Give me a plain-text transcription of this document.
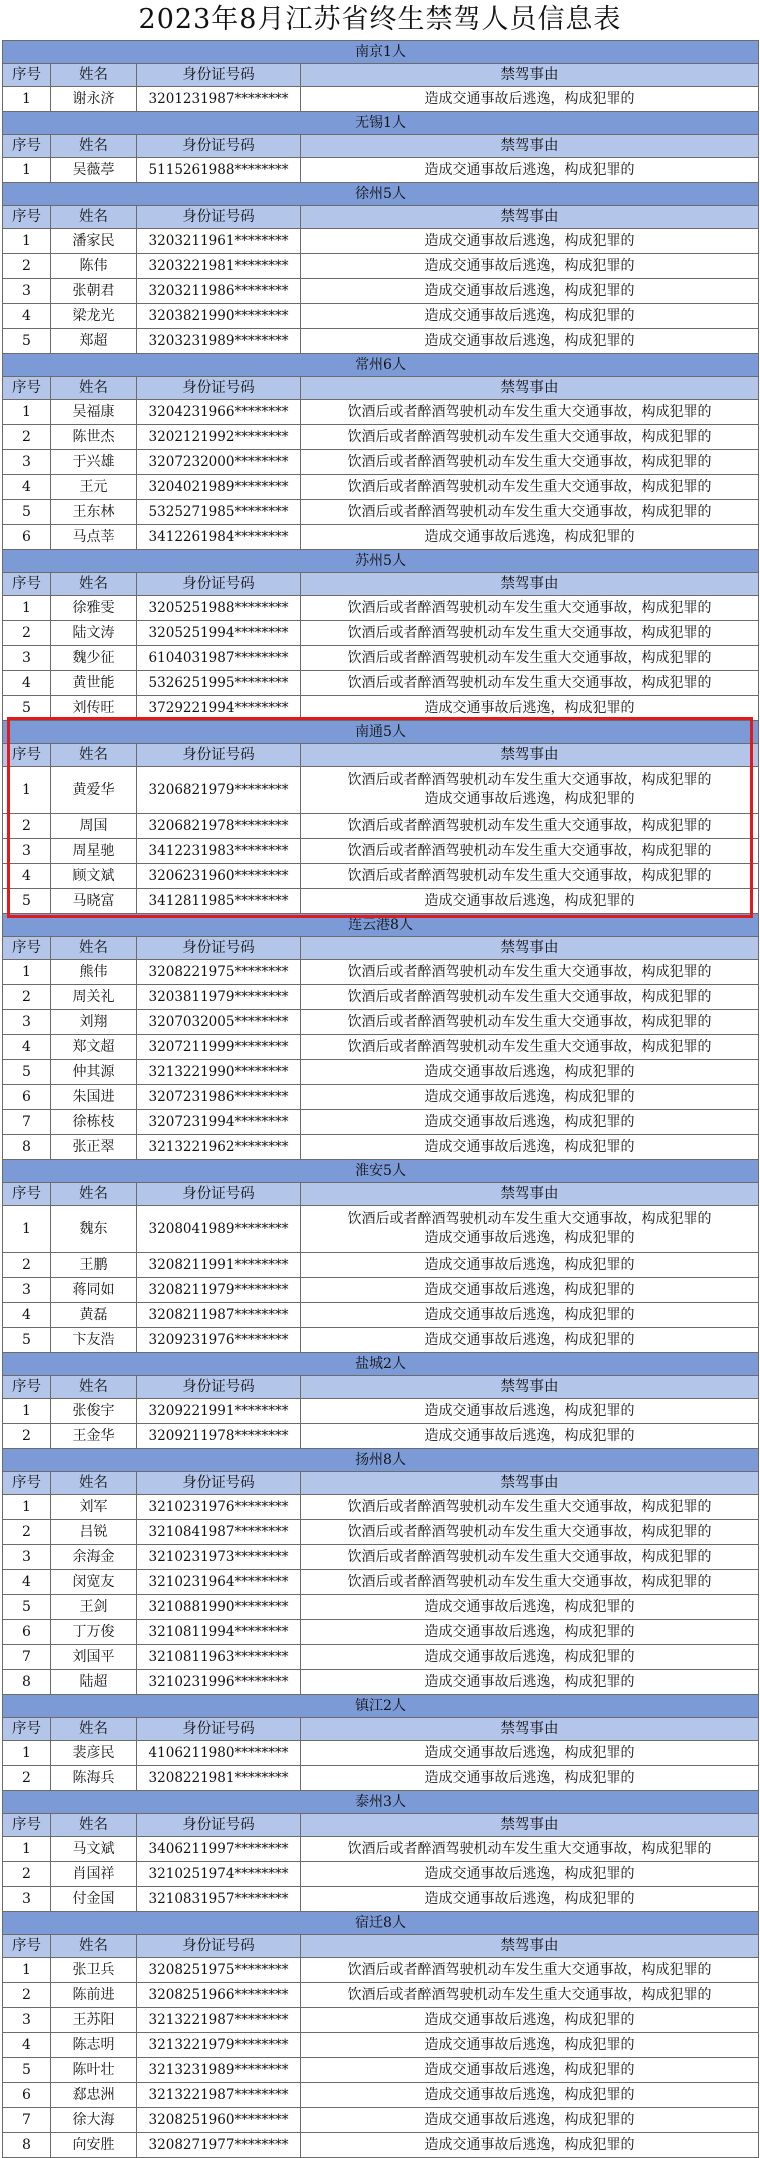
2023年8月江苏省终生禁驾人员信息表
南京1人			
序号	姓名	身份证号码	禁驾事由
1	谢永济	3201231987********	造成交通事故后逃逸，构成犯罪的
无锡1人			
序号	姓名	身份证号码	禁驾事由
1	吴薇葶	5115261988********	造成交通事故后逃逸，构成犯罪的
徐州5人			
序号	姓名	身份证号码	禁驾事由
1	潘家民	3203211961********	造成交通事故后逃逸，构成犯罪的
2	陈伟	3203221981********	造成交通事故后逃逸，构成犯罪的
3	张朝君	3203211986********	造成交通事故后逃逸，构成犯罪的
4	梁龙光	3203821990********	造成交通事故后逃逸，构成犯罪的
5	郑超	3203231989********	造成交通事故后逃逸，构成犯罪的
常州6人			
序号	姓名	身份证号码	禁驾事由
1	吴福康	3204231966********	饮酒后或者醉酒驾驶机动车发生重大交通事故，构成犯罪的
2	陈世杰	3202121992********	饮酒后或者醉酒驾驶机动车发生重大交通事故，构成犯罪的
3	于兴雄	3207232000********	饮酒后或者醉酒驾驶机动车发生重大交通事故，构成犯罪的
4	王元	3204021989********	饮酒后或者醉酒驾驶机动车发生重大交通事故，构成犯罪的
5	王东林	5325271985********	饮酒后或者醉酒驾驶机动车发生重大交通事故，构成犯罪的
6	马点莘	3412261984********	造成交通事故后逃逸，构成犯罪的
苏州5人			
序号	姓名	身份证号码	禁驾事由
1	徐雅雯	3205251988********	饮酒后或者醉酒驾驶机动车发生重大交通事故，构成犯罪的
2	陆文涛	3205251994********	饮酒后或者醉酒驾驶机动车发生重大交通事故，构成犯罪的
3	魏少征	6104031987********	饮酒后或者醉酒驾驶机动车发生重大交通事故，构成犯罪的
4	黄世能	5326251995********	饮酒后或者醉酒驾驶机动车发生重大交通事故，构成犯罪的
5	刘传旺	3729221994********	造成交通事故后逃逸，构成犯罪的
南通5人			
序号	姓名	身份证号码	禁驾事由
1	黄爱华	3206821979********	饮酒后或者醉酒驾驶机动车发生重大交通事故，构成犯罪的
造成交通事故后逃逸，构成犯罪的

2	周国	3206821978********	饮酒后或者醉酒驾驶机动车发生重大交通事故，构成犯罪的
3	周星驰	3412231983********	饮酒后或者醉酒驾驶机动车发生重大交通事故，构成犯罪的
4	顾文斌	3206231960********	饮酒后或者醉酒驾驶机动车发生重大交通事故，构成犯罪的
5	马晓富	3412811985********	造成交通事故后逃逸，构成犯罪的
连云港8人			
序号	姓名	身份证号码	禁驾事由
1	熊伟	3208221975********	饮酒后或者醉酒驾驶机动车发生重大交通事故，构成犯罪的
2	周关礼	3203811979********	饮酒后或者醉酒驾驶机动车发生重大交通事故，构成犯罪的
3	刘翔	3207032005********	饮酒后或者醉酒驾驶机动车发生重大交通事故，构成犯罪的
4	郑文超	3207211999********	饮酒后或者醉酒驾驶机动车发生重大交通事故，构成犯罪的
5	仲其源	3213221990********	造成交通事故后逃逸，构成犯罪的
6	朱国进	3207231986********	造成交通事故后逃逸，构成犯罪的
7	徐栋枝	3207231994********	造成交通事故后逃逸，构成犯罪的
8	张正翠	3213221962********	造成交通事故后逃逸，构成犯罪的
淮安5人			
序号	姓名	身份证号码	禁驾事由
1	魏东	3208041989********	饮酒后或者醉酒驾驶机动车发生重大交通事故，构成犯罪的
造成交通事故后逃逸，构成犯罪的

2	王鹏	3208211991********	造成交通事故后逃逸，构成犯罪的
3	蒋同如	3208211979********	造成交通事故后逃逸，构成犯罪的
4	黄磊	3208211987********	造成交通事故后逃逸，构成犯罪的
5	卞友浩	3209231976********	造成交通事故后逃逸，构成犯罪的
盐城2人			
序号	姓名	身份证号码	禁驾事由
1	张俊宇	3209221991********	造成交通事故后逃逸，构成犯罪的
2	王金华	3209211978********	造成交通事故后逃逸，构成犯罪的
扬州8人			
序号	姓名	身份证号码	禁驾事由
1	刘军	3210231976********	饮酒后或者醉酒驾驶机动车发生重大交通事故，构成犯罪的
2	吕锐	3210841987********	饮酒后或者醉酒驾驶机动车发生重大交通事故，构成犯罪的
3	余海金	3210231973********	饮酒后或者醉酒驾驶机动车发生重大交通事故，构成犯罪的
4	闵宽友	3210231964********	饮酒后或者醉酒驾驶机动车发生重大交通事故，构成犯罪的
5	王剑	3210881990********	造成交通事故后逃逸，构成犯罪的
6	丁万俊	3210811994********	造成交通事故后逃逸，构成犯罪的
7	刘国平	3210811963********	造成交通事故后逃逸，构成犯罪的
8	陆超	3210231996********	造成交通事故后逃逸，构成犯罪的
镇江2人			
序号	姓名	身份证号码	禁驾事由
1	裴彦民	4106211980********	造成交通事故后逃逸，构成犯罪的
2	陈海兵	3208221981********	造成交通事故后逃逸，构成犯罪的
泰州3人			
序号	姓名	身份证号码	禁驾事由
1	马文斌	3406211997********	饮酒后或者醉酒驾驶机动车发生重大交通事故，构成犯罪的
2	肖国祥	3210251974********	造成交通事故后逃逸，构成犯罪的
3	付金国	3210831957********	造成交通事故后逃逸，构成犯罪的
宿迁8人			
序号	姓名	身份证号码	禁驾事由
1	张卫兵	3208251975********	饮酒后或者醉酒驾驶机动车发生重大交通事故，构成犯罪的
2	陈前进	3208251966********	饮酒后或者醉酒驾驶机动车发生重大交通事故，构成犯罪的
3	王苏阳	3213221987********	造成交通事故后逃逸，构成犯罪的
4	陈志明	3213221979********	造成交通事故后逃逸，构成犯罪的
5	陈叶壮	3213231989********	造成交通事故后逃逸，构成犯罪的
6	郄忠洲	3213221987********	造成交通事故后逃逸，构成犯罪的
7	徐大海	3208251960********	造成交通事故后逃逸，构成犯罪的
8	向安胜	3208271977********	造成交通事故后逃逸，构成犯罪的
